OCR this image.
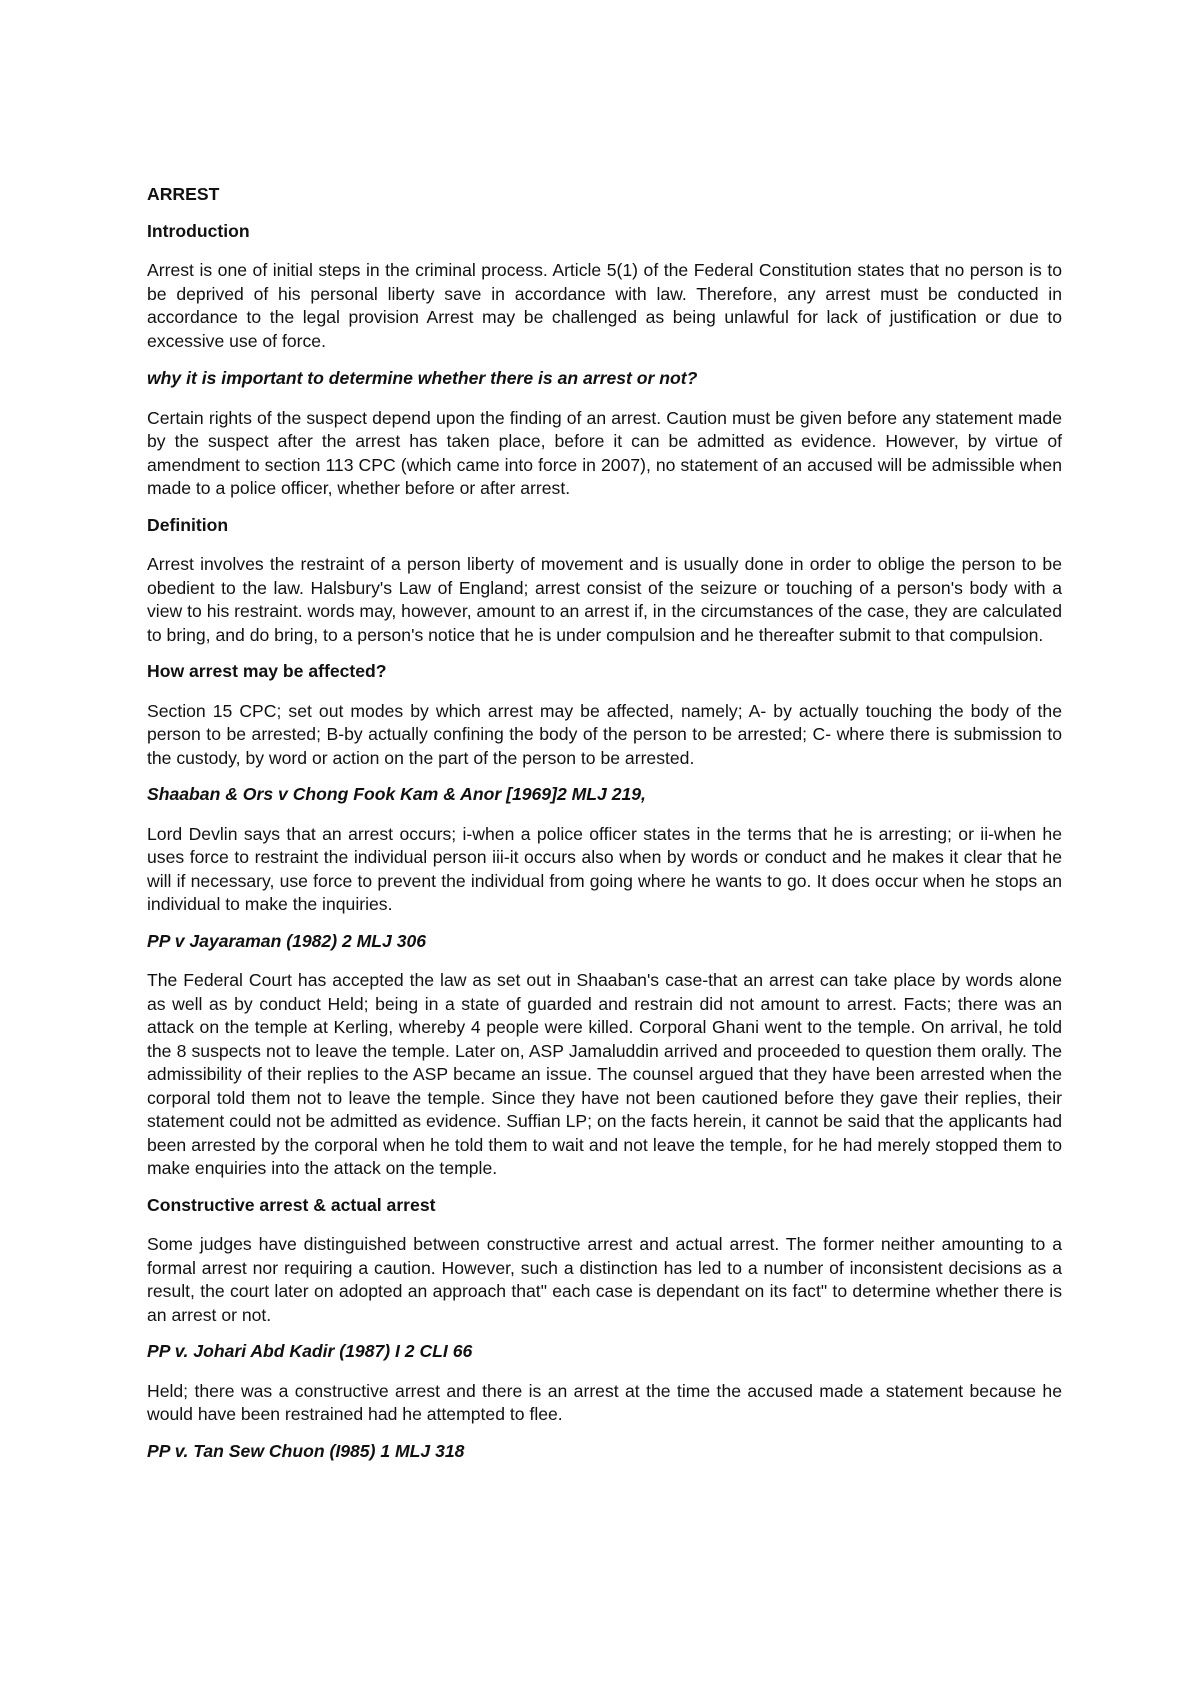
ARREST

Introduction

Arrest is one of initial steps in the criminal process. Article 5(1) of the Federal Constitution states that no person is to be deprived of his personal liberty save in accordance with law. Therefore, any arrest must be conducted in accordance to the legal provision Arrest may be challenged as being unlawful for lack of justification or due to excessive use of force.

why it is important to determine whether there is an arrest or not?

Certain rights of the suspect depend upon the finding of an arrest. Caution must be given before any statement made by the suspect after the arrest has taken place, before it can be admitted as evidence. However, by virtue of amendment to section 113 CPC (which came into force in 2007), no statement of an accused will be admissible when made to a police officer, whether before or after arrest.

Definition

Arrest involves the restraint of a person liberty of movement and is usually done in order to oblige the person to be obedient to the law. Halsbury's Law of England; arrest consist of the seizure or touching of a person's body with a view to his restraint. words may, however, amount to an arrest if, in the circumstances of the case, they are calculated to bring, and do bring, to a person's notice that he is under compulsion and he thereafter submit to that compulsion.

How arrest may be affected?

Section 15 CPC; set out modes by which arrest may be affected, namely; A- by actually touching the body of the person to be arrested; B-by actually confining the body of the person to be arrested; C- where there is submission to the custody, by word or action on the part of the person to be arrested.

Shaaban & Ors v Chong Fook Kam & Anor [1969]2 MLJ 219,

Lord Devlin says that an arrest occurs; i-when a police officer states in the terms that he is arresting; or ii-when he uses force to restraint the individual person iii-it occurs also when by words or conduct and he makes it clear that he will if necessary, use force to prevent the individual from going where he wants to go. It does occur when he stops an individual to make the inquiries.

PP v Jayaraman (1982) 2 MLJ 306

The Federal Court has accepted the law as set out in Shaaban's case-that an arrest can take place by words alone as well as by conduct Held; being in a state of guarded and restrain did not amount to arrest. Facts; there was an attack on the temple at Kerling, whereby 4 people were killed. Corporal Ghani went to the temple. On arrival, he told the 8 suspects not to leave the temple. Later on, ASP Jamaluddin arrived and proceeded to question them orally. The admissibility of their replies to the ASP became an issue. The counsel argued that they have been arrested when the corporal told them not to leave the temple. Since they have not been cautioned before they gave their replies, their statement could not be admitted as evidence. Suffian LP; on the facts herein, it cannot be said that the applicants had been arrested by the corporal when he told them to wait and not leave the temple, for he had merely stopped them to make enquiries into the attack on the temple.

Constructive arrest & actual arrest

Some judges have distinguished between constructive arrest and actual arrest. The former neither amounting to a formal arrest nor requiring a caution. However, such a distinction has led to a number of inconsistent decisions as a result, the court later on adopted an approach that" each case is dependant on its fact" to determine whether there is an arrest or not.

PP v. Johari Abd Kadir (1987) I 2 CLI 66

Held; there was a constructive arrest and there is an arrest at the time the accused made a statement because he would have been restrained had he attempted to flee.

PP v. Tan Sew Chuon (I985) 1 MLJ 318
